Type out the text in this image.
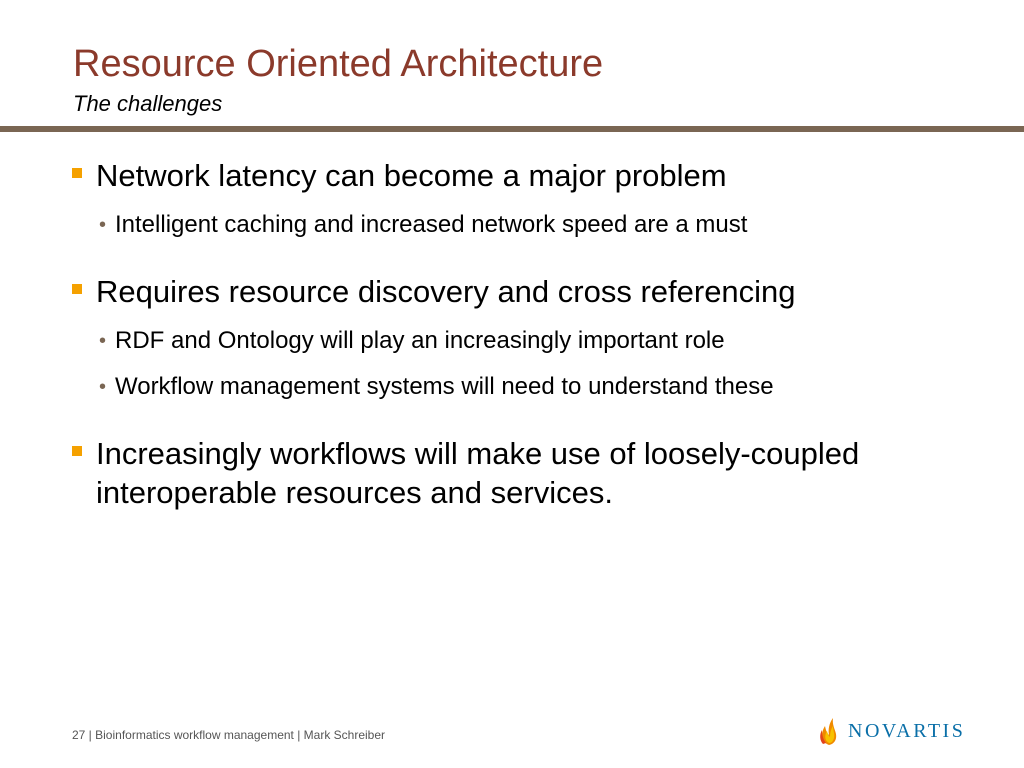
Resource Oriented Architecture
The challenges
Network latency can become a major problem
• Intelligent caching and increased network speed are a must
Requires resource discovery and cross referencing
• RDF and Ontology will play an increasingly important role
• Workflow management systems will need to understand these
Increasingly workflows will make use of loosely-coupled interoperable resources and services.
27 | Bioinformatics workflow management | Mark Schreiber	NOVARTIS
